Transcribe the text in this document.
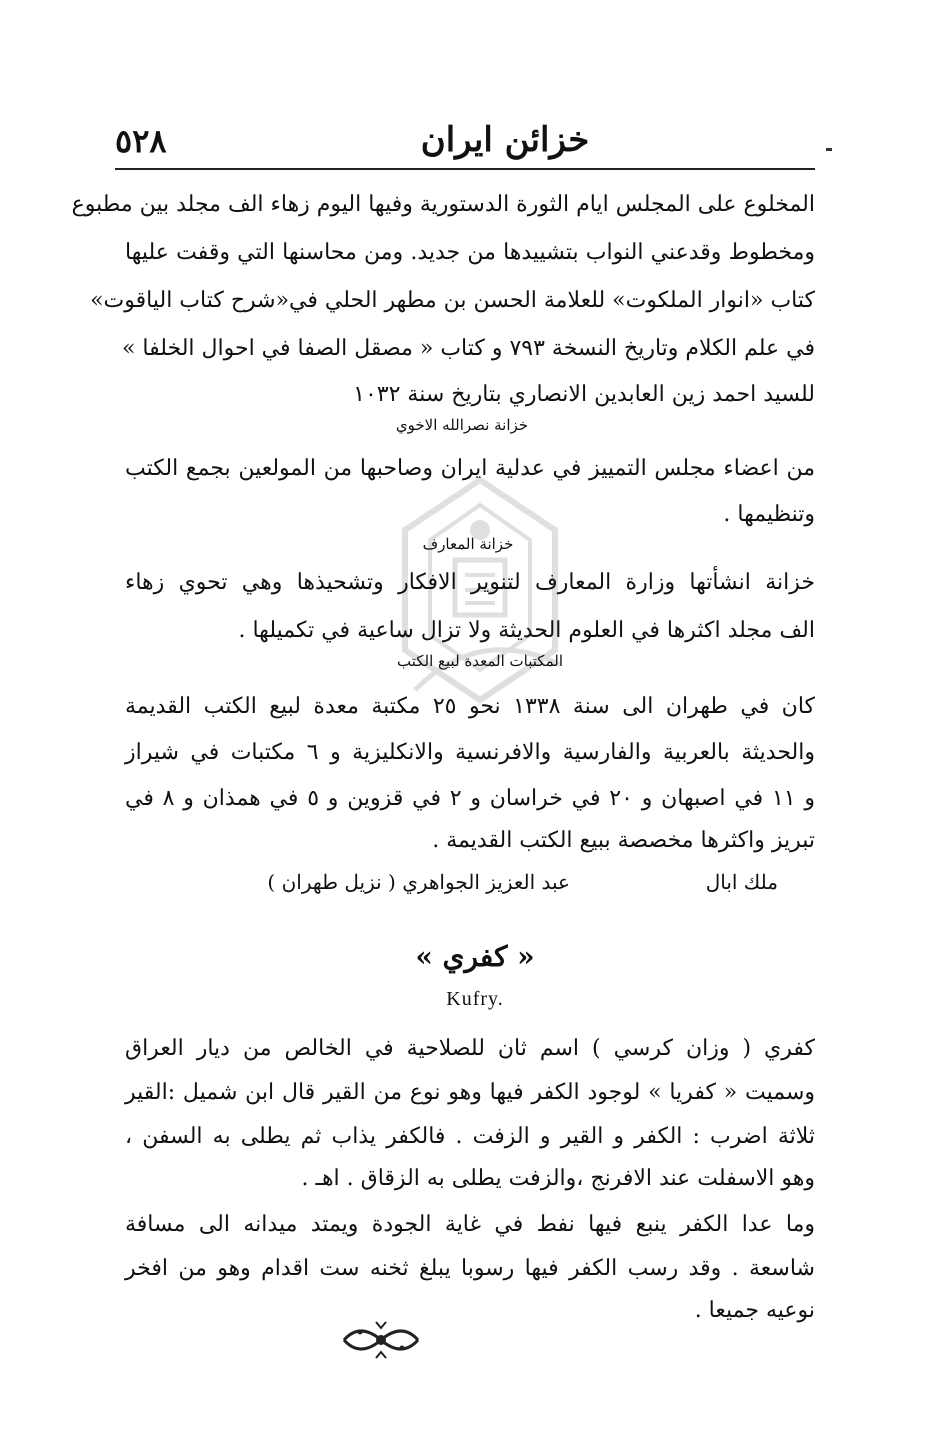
٥٢٨	خزائن ايران
المخلوع على المجلس ايام الثورة الدستورية وفيها اليوم زهاء الف مجلد بين مطبوع
ومخطوط وقدعني النواب بتشييدها من جديد. ومن محاسنها التي وقفت عليها
كتاب «انوار الملكوت» للعلامة الحسن بن مطهر الحلي في«شرح كتاب الياقوت»
في علم الكلام وتاريخ النسخة ٧٩٣ و كتاب « مصقل الصفا في احوال الخلفا »
للسيد احمد زين العابدين الانصاري بتاريخ سنة ١٠٣٢
خزانة نصرالله الاخوي
من اعضاء مجلس التمييز في عدلية ايران وصاحبها من المولعين بجمع الكتب
وتنظيمها .
خزانة المعارف
خزانة انشأتها وزارة المعارف لتنوير الافكار وتشحيذها وهي تحوي زهاء
الف مجلد اكثرها في العلوم الحديثة ولا تزال ساعية في تكميلها .
المكتبات المعدة لبيع الكتب
كان في طهران الى سنة ١٣٣٨ نحو ٢٥ مكتبة معدة لبيع الكتب القديمة
والحديثة بالعربية والفارسية والافرنسية والانكليزية و ٦ مكتبات في شيراز
و ١١ في اصبهان و ٢٠ في خراسان و ٢ في قزوين و ٥ في همذان و ٨ في
تبريز واكثرها مخصصة ببيع الكتب القديمة .
ملك ابال
عبد العزيز الجواهري ( نزيل طهران )
« كفري »
Kufry.
كفري ( وزان كرسي ) اسم ثان للصلاحية في الخالص من ديار العراق
وسميت « كفريا » لوجود الكفر فيها وهو نوع من القير قال ابن شميل :القير
ثلاثة اضرب : الكفر و القير و الزفت . فالكفر يذاب ثم يطلى به السفن ،
وهو الاسفلت عند الافرنج ،والزفت يطلى به الزقاق . اهـ .
وما عدا الكفر ينبع فيها نفط في غاية الجودة ويمتد ميدانه الى مسافة
شاسعة . وقد رسب الكفر فيها رسوبا يبلغ ثخنه ست اقدام وهو من افخر
نوعيه جميعا .
